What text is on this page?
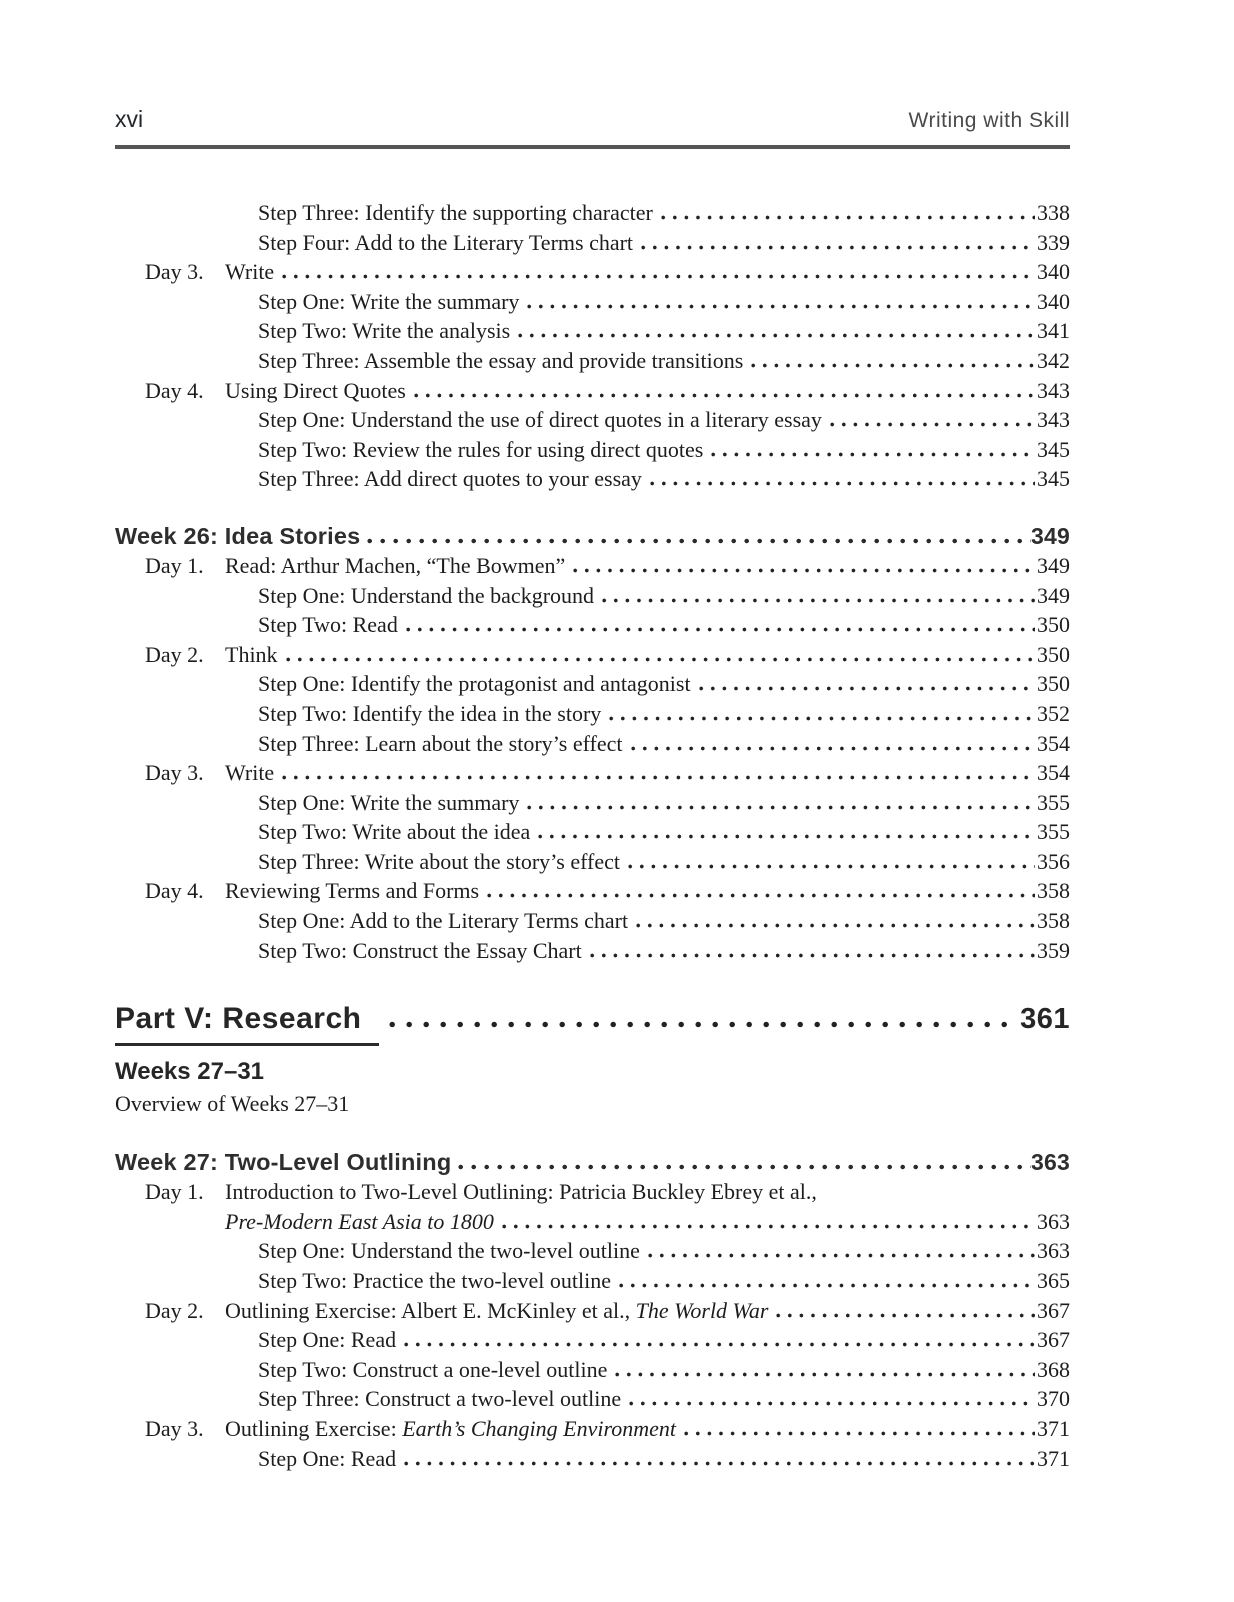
xvi	Writing with Skill
Step Three: Identify the supporting character	338
Step Four: Add to the Literary Terms chart	339
Day 3. Write	340
Step One: Write the summary	340
Step Two: Write the analysis	341
Step Three: Assemble the essay and provide transitions	342
Day 4. Using Direct Quotes	343
Step One: Understand the use of direct quotes in a literary essay	343
Step Two: Review the rules for using direct quotes	345
Step Three: Add direct quotes to your essay	345
Week 26: Idea Stories	349
Day 1. Read: Arthur Machen, “The Bowmen”	349
Step One: Understand the background	349
Step Two: Read	350
Day 2. Think	350
Step One: Identify the protagonist and antagonist	350
Step Two: Identify the idea in the story	352
Step Three: Learn about the story’s effect	354
Day 3. Write	354
Step One: Write the summary	355
Step Two: Write about the idea	355
Step Three: Write about the story’s effect	356
Day 4. Reviewing Terms and Forms	358
Step One: Add to the Literary Terms chart	358
Step Two: Construct the Essay Chart	359
Part V: Research	361
Weeks 27–31
Overview of Weeks 27–31
Week 27: Two-Level Outlining	363
Day 1. Introduction to Two-Level Outlining: Patricia Buckley Ebrey et al.,
Pre-Modern East Asia to 1800	363
Step One: Understand the two-level outline	363
Step Two: Practice the two-level outline	365
Day 2. Outlining Exercise: Albert E. McKinley et al., The World War	367
Step One: Read	367
Step Two: Construct a one-level outline	368
Step Three: Construct a two-level outline	370
Day 3. Outlining Exercise: Earth’s Changing Environment	371
Step One: Read	371
